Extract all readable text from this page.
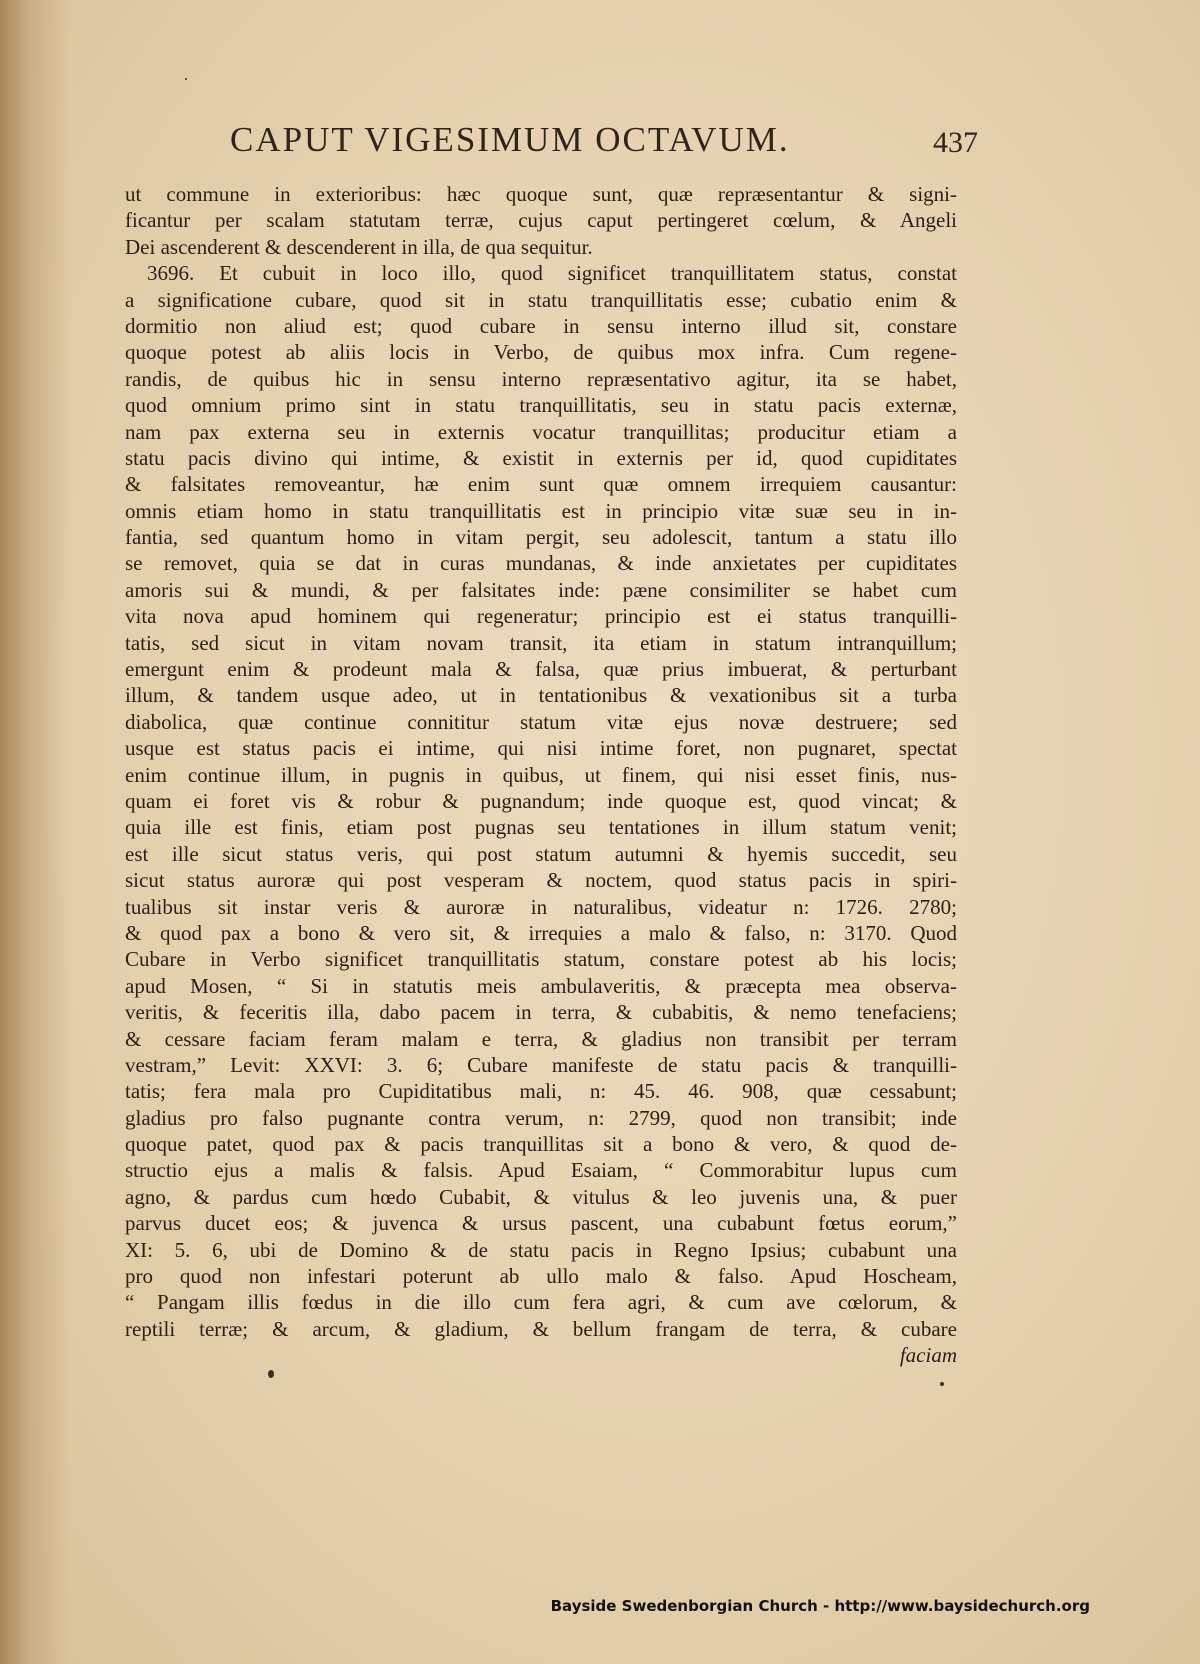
CAPUT VIGESIMUM OCTAVUM.	437
ut commune in exterioribus: hæc quoque sunt, quæ repræsentantur & signi-
ficantur per scalam statutam terræ, cujus caput pertingeret cœlum, & Angeli
Dei ascenderent & descenderent in illa, de qua sequitur.
3696. Et cubuit in loco illo, quod significet tranquillitatem status, constat
a significatione cubare, quod sit in statu tranquillitatis esse; cubatio enim &
dormitio non aliud est; quod cubare in sensu interno illud sit, constare
quoque potest ab aliis locis in Verbo, de quibus mox infra. Cum regene-
randis, de quibus hic in sensu interno repræsentativo agitur, ita se habet,
quod omnium primo sint in statu tranquillitatis, seu in statu pacis externæ,
nam pax externa seu in externis vocatur tranquillitas; producitur etiam a
statu pacis divino qui intime, & existit in externis per id, quod cupiditates
& falsitates removeantur, hæ enim sunt quæ omnem irrequiem causantur:
omnis etiam homo in statu tranquillitatis est in principio vitæ suæ seu in in-
fantia, sed quantum homo in vitam pergit, seu adolescit, tantum a statu illo
se removet, quia se dat in curas mundanas, & inde anxietates per cupiditates
amoris sui & mundi, & per falsitates inde: pæne consimiliter se habet cum
vita nova apud hominem qui regeneratur; principio est ei status tranquilli-
tatis, sed sicut in vitam novam transit, ita etiam in statum intranquillum;
emergunt enim & prodeunt mala & falsa, quæ prius imbuerat, & perturbant
illum, & tandem usque adeo, ut in tentationibus & vexationibus sit a turba
diabolica, quæ continue connititur statum vitæ ejus novæ destruere; sed
usque est status pacis ei intime, qui nisi intime foret, non pugnaret, spectat
enim continue illum, in pugnis in quibus, ut finem, qui nisi esset finis, nus-
quam ei foret vis & robur & pugnandum; inde quoque est, quod vincat; &
quia ille est finis, etiam post pugnas seu tentationes in illum statum venit;
est ille sicut status veris, qui post statum autumni & hyemis succedit, seu
sicut status auroræ qui post vesperam & noctem, quod status pacis in spiri-
tualibus sit instar veris & auroræ in naturalibus, videatur n: 1726. 2780;
& quod pax a bono & vero sit, & irrequies a malo & falso, n: 3170. Quod
Cubare in Verbo significet tranquillitatis statum, constare potest ab his locis;
apud Mosen, “ Si in statutis meis ambulaveritis, & præcepta mea observa-
veritis, & feceritis illa, dabo pacem in terra, & cubabitis, & nemo tenefaciens;
& cessare faciam feram malam e terra, & gladius non transibit per terram
vestram,” Levit: XXVI: 3. 6; Cubare manifeste de statu pacis & tranquilli-
tatis; fera mala pro Cupiditatibus mali, n: 45. 46. 908, quæ cessabunt;
gladius pro falso pugnante contra verum, n: 2799, quod non transibit; inde
quoque patet, quod pax & pacis tranquillitas sit a bono & vero, & quod de-
structio ejus a malis & falsis. Apud Esaiam, “ Commorabitur lupus cum
agno, & pardus cum hœdo Cubabit, & vitulus & leo juvenis una, & puer
parvus ducet eos; & juvenca & ursus pascent, una cubabunt fœtus eorum,”
XI: 5. 6, ubi de Domino & de statu pacis in Regno Ipsius; cubabunt una
pro quod non infestari poterunt ab ullo malo & falso. Apud Hoscheam,
“ Pangam illis fœdus in die illo cum fera agri, & cum ave cœlorum, &
reptili terræ; & arcum, & gladium, & bellum frangam de terra, & cubare
faciam
Bayside Swedenborgian Church - http://www.baysidechurch.org
